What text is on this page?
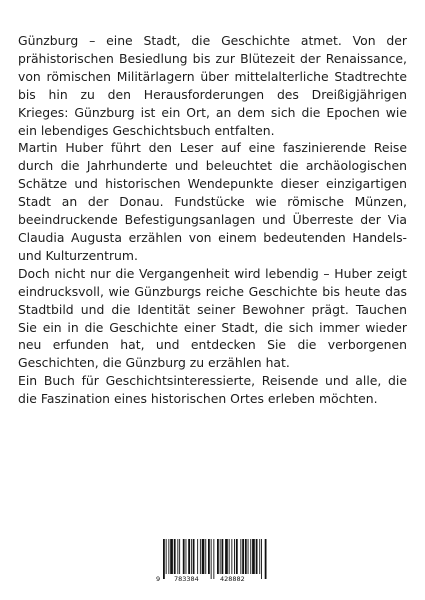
Günzburg – eine Stadt, die Geschichte atmet. Von der prähistorischen Besiedlung bis zur Blütezeit der Renaissance, von römischen Militärlagern über mittelalterliche Stadtrechte bis hin zu den Herausforderungen des Dreißigjährigen Krieges: Günzburg ist ein Ort, an dem sich die Epochen wie ein lebendiges Geschichtsbuch entfalten.

Martin Huber führt den Leser auf eine faszinierende Reise durch die Jahrhunderte und beleuchtet die archäologischen Schätze und historischen Wendepunkte dieser einzigartigen Stadt an der Donau. Fundstücke wie römische Münzen, beeindruckende Befestigungsanlagen und Überreste der Via Claudia Augusta erzählen von einem bedeutenden Handels- und Kulturzentrum.

Doch nicht nur die Vergangenheit wird lebendig – Huber zeigt eindrucksvoll, wie Günzburgs reiche Geschichte bis heute das Stadtbild und die Identität seiner Bewohner prägt. Tauchen Sie ein in die Geschichte einer Stadt, die sich immer wieder neu erfunden hat, und entdecken Sie die verborgenen Geschichten, die Günzburg zu erzählen hat.

Ein Buch für Geschichtsinteressierte, Reisende und alle, die die Faszination eines historischen Ortes erleben möchten.

9 783384	428882
